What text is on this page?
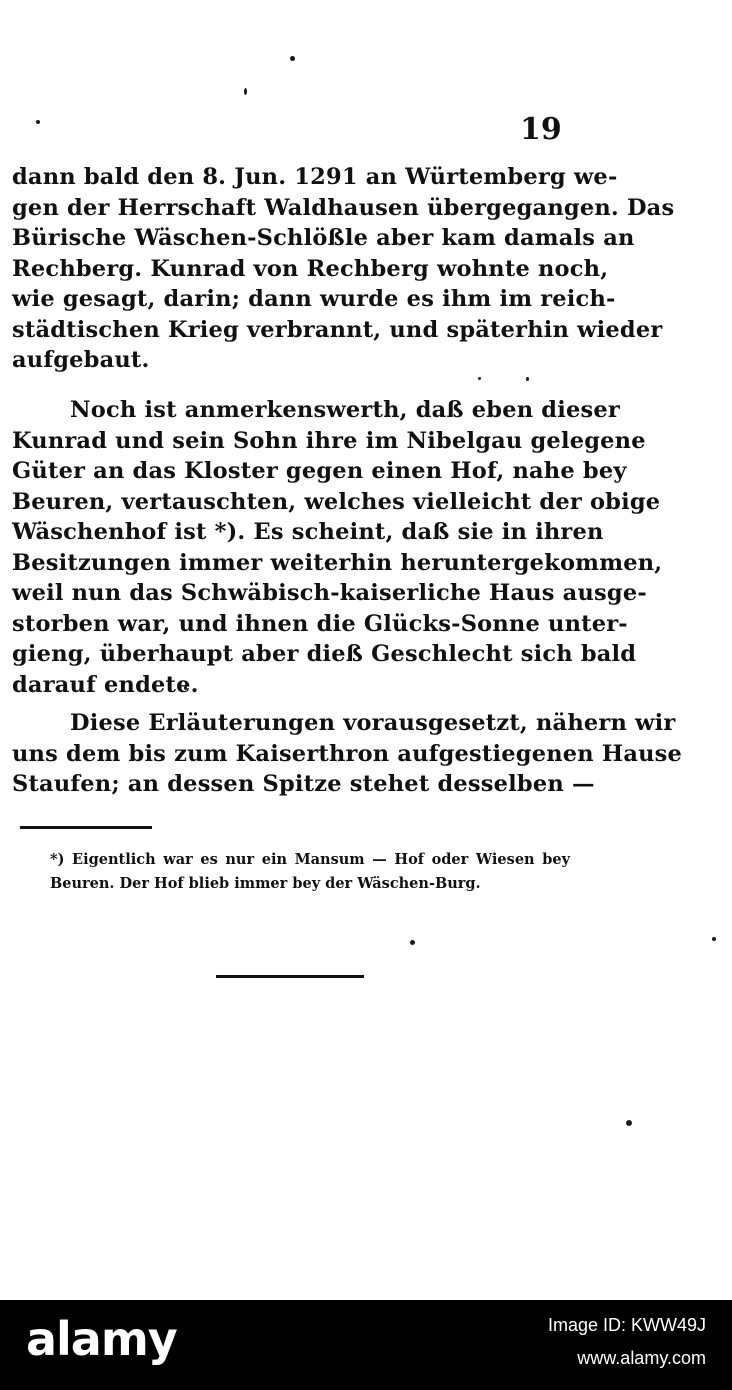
19
dann bald den 8. Jun. 1291 an Würtemberg we-
gen der Herrschaft Waldhausen übergegangen. Das
Bürische Wäschen-Schlößle aber kam damals an
Rechberg. Kunrad von Rechberg wohnte noch,
wie gesagt, darin; dann wurde es ihm im reich-
städtischen Krieg verbrannt, und späterhin wieder
aufgebaut.
Noch ist anmerkenswerth, daß eben dieser
Kunrad und sein Sohn ihre im Nibelgau gelegene
Güter an das Kloster gegen einen Hof, nahe bey
Beuren, vertauschten, welches vielleicht der obige
Wäschenhof ist *). Es scheint, daß sie in ihren
Besitzungen immer weiterhin heruntergekommen,
weil nun das Schwäbisch-kaiserliche Haus ausge-
storben war, und ihnen die Glücks-Sonne unter-
gieng, überhaupt aber dieß Geschlecht sich bald
darauf endete.
Diese Erläuterungen vorausgesetzt, nähern wir
uns dem bis zum Kaiserthron aufgestiegenen Hause
Staufen; an dessen Spitze stehet desselben —
*) Eigentlich war es nur ein Mansum — Hof oder Wiesen bey
Beuren. Der Hof blieb immer bey der Wäschen-Burg.
alamy	Image ID: KWW49J
www.alamy.com
